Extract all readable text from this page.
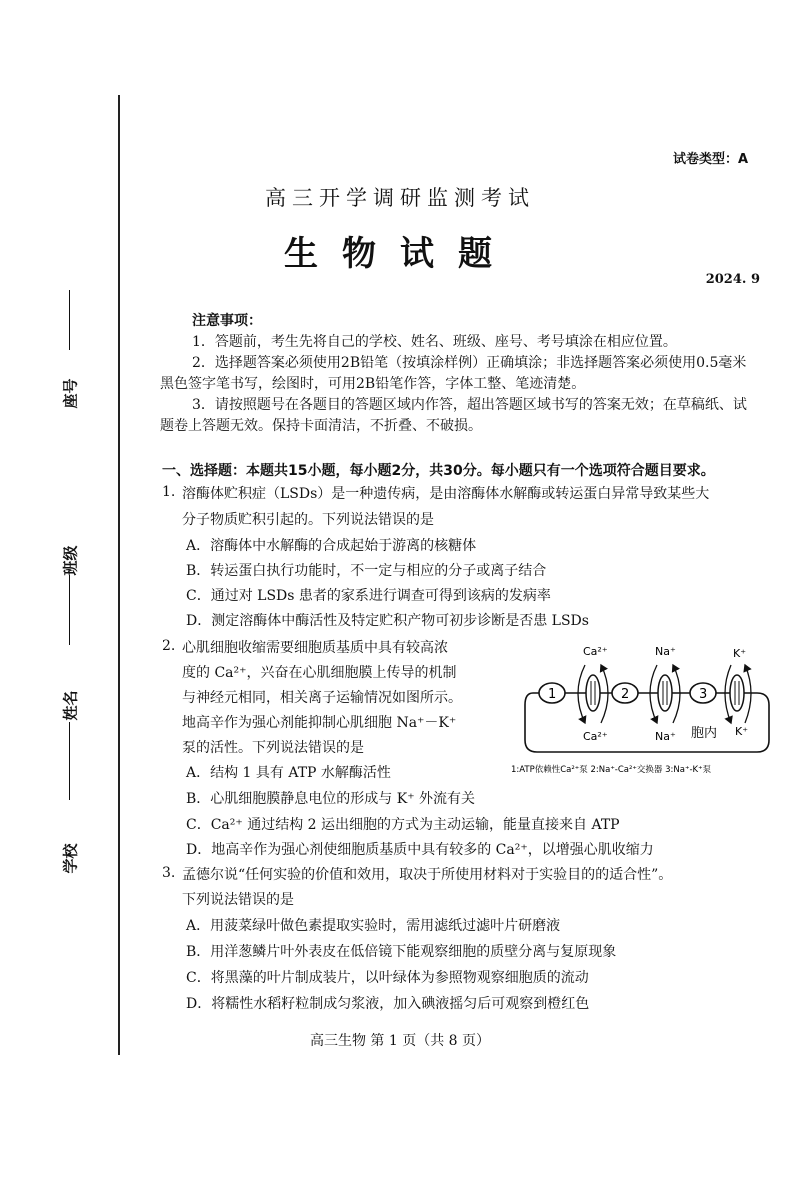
座号
班级
姓名
学校
试卷类型：A
高三开学调研监测考试
生物试题
2024. 9
注意事项：
1．答题前，考生先将自己的学校、姓名、班级、座号、考号填涂在相应位置。
2．选择题答案必须使用2B铅笔（按填涂样例）正确填涂；非选择题答案必须使用0.5毫米黑色签字笔书写，绘图时，可用2B铅笔作答，字体工整、笔迹清楚。
3．请按照题号在各题目的答题区域内作答，超出答题区域书写的答案无效；在草稿纸、试题卷上答题无效。保持卡面清洁，不折叠、不破损。
一、选择题：本题共15小题，每小题2分，共30分。每小题只有一个选项符合题目要求。
1. 溶酶体贮积症（LSDs）是一种遗传病，是由溶酶体水解酶或转运蛋白异常导致某些大
分子物质贮积引起的。下列说法错误的是
A．溶酶体中水解酶的合成起始于游离的核糖体
B．转运蛋白执行功能时，不一定与相应的分子或离子结合
C．通过对 LSDs 患者的家系进行调查可得到该病的发病率
D．测定溶酶体中酶活性及特定贮积产物可初步诊断是否患 LSDs
2. 心肌细胞收缩需要细胞质基质中具有较高浓
度的 Ca²⁺，兴奋在心肌细胞膜上传导的机制
与神经元相同，相关离子运输情况如图所示。
地高辛作为强心剂能抑制心肌细胞 Na⁺－K⁺
泵的活性。下列说法错误的是
1	2	3
Ca²⁺	Na⁺	K⁺
Ca²⁺	Na⁺	K⁺
胞内
1:ATP依赖性Ca²⁺泵 2:Na⁺-Ca²⁺交换器 3:Na⁺-K⁺泵
A．结构 1 具有 ATP 水解酶活性
B．心肌细胞膜静息电位的形成与 K⁺ 外流有关
C．Ca²⁺ 通过结构 2 运出细胞的方式为主动运输，能量直接来自 ATP
D．地高辛作为强心剂使细胞质基质中具有较多的 Ca²⁺，以增强心肌收缩力
3. 孟德尔说“任何实验的价值和效用，取决于所使用材料对于实验目的的适合性”。
下列说法错误的是
A．用菠菜绿叶做色素提取实验时，需用滤纸过滤叶片研磨液
B．用洋葱鳞片叶外表皮在低倍镜下能观察细胞的质壁分离与复原现象
C．将黑藻的叶片制成装片，以叶绿体为参照物观察细胞质的流动
D．将糯性水稻籽粒制成匀浆液，加入碘液摇匀后可观察到橙红色
高三生物 第 1 页（共 8 页）
